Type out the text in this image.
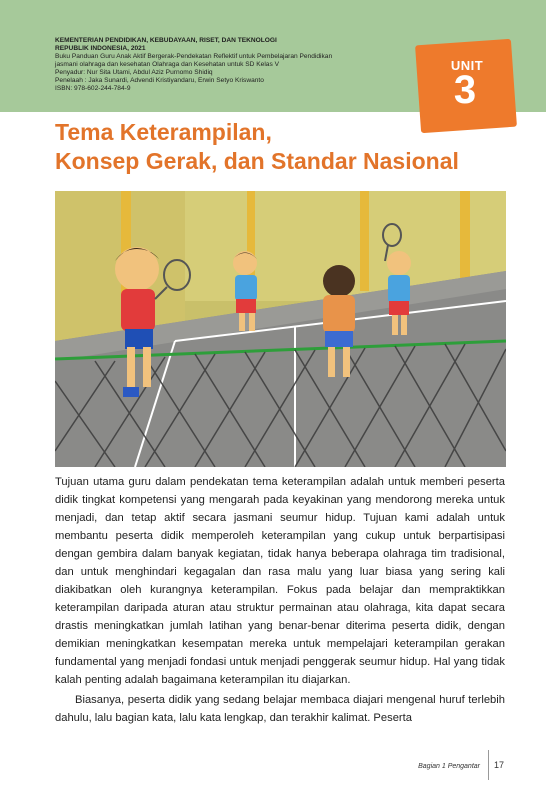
KEMENTERIAN PENDIDIKAN, KEBUDAYAAN, RISET, DAN TEKNOLOGI
REPUBLIK INDONESIA, 2021
Buku Panduan Guru Anak Aktif Bergerak-Pendekatan Reflektif untuk Pembelajaran Pendidikan
jasmani olahraga dan kesehatan Olahraga dan Kesehatan untuk SD Kelas V
Penyadur: Nur Sita Utami, Abdul Aziz Purnomo Shidiq
Penelaah : Jaka Sunardi, Advendi Kristiyandaru, Erwin Setyo Kriswanto
ISBN: 978-602-244-784-9
UNIT
3
Tema Keterampilan,
Konsep Gerak, dan Standar Nasional

Tujuan utama guru dalam pendekatan tema keterampilan adalah untuk memberi peserta didik tingkat kompetensi yang mengarah pada keyakinan yang mendorong mereka untuk menjadi, dan tetap aktif secara jasmani seumur hidup. Tujuan kami adalah untuk membantu peserta didik memperoleh keterampilan yang cukup untuk berpartisipasi dengan gembira dalam banyak kegiatan, tidak hanya beberapa olahraga tim tradisional, dan untuk menghindari kegagalan dan rasa malu yang luar biasa yang sering kali diakibatkan oleh kurangnya keterampilan. Fokus pada belajar dan mempraktikkan keterampilan daripada aturan atau struktur permainan atau olahraga, kita dapat secara drastis meningkatkan jumlah latihan yang benar-benar diterima peserta didik, dengan demikian meningkatkan kesempatan mereka untuk mempelajari keterampilan gerakan fundamental yang menjadi fondasi untuk menjadi penggerak seumur hidup. Hal yang tidak kalah penting adalah bagaimana keterampilan itu diajarkan.

Biasanya, peserta didik yang sedang belajar membaca diajari mengenal huruf terlebih dahulu, lalu bagian kata, lalu kata lengkap, dan terakhir kalimat. Peserta

Bagian 1 Pengantar 17
